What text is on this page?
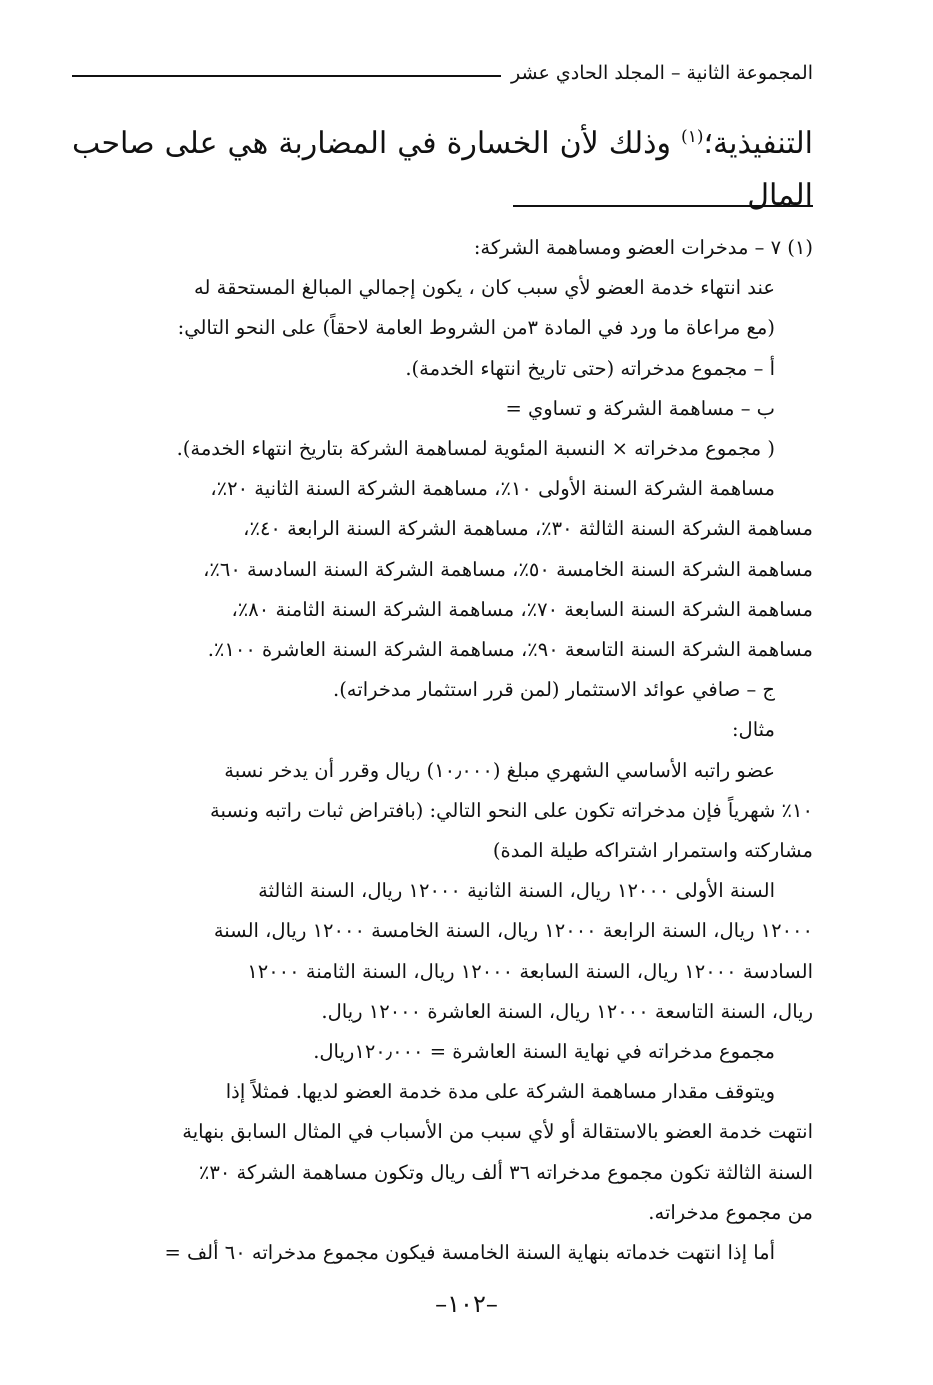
المجموعة الثانية – المجلد الحادي عشر

التنفيذية؛$^{(١)}$ وذلك لأن الخسارة في المضاربة هي على صاحب المال

(١) ٧ – مدخرات العضو ومساهمة الشركة:

عند انتهاء خدمة العضو لأي سبب كان ، يكون إجمالي المبالغ المستحقة له

(مع مراعاة ما ورد في المادة ٣من الشروط العامة لاحقاً) على النحو التالي:

أ – مجموع مدخراته (حتى تاريخ انتهاء الخدمة).

ب – مساهمة الشركة و تساوي =

( مجموع مدخراته × النسبة المئوية لمساهمة الشركة بتاريخ انتهاء الخدمة).

مساهمة الشركة السنة الأولى ١٠٪، مساهمة الشركة السنة الثانية ٢٠٪،

مساهمة الشركة السنة الثالثة ٣٠٪، مساهمة الشركة السنة الرابعة ٤٠٪،

مساهمة الشركة السنة الخامسة ٥٠٪، مساهمة الشركة السنة السادسة ٦٠٪،

مساهمة الشركة السنة السابعة ٧٠٪، مساهمة الشركة السنة الثامنة ٨٠٪،

مساهمة الشركة السنة التاسعة ٩٠٪، مساهمة الشركة السنة العاشرة ١٠٠٪.

ج – صافي عوائد الاستثمار (لمن قرر استثمار مدخراته).

مثال:

عضو راتبه الأساسي الشهري مبلغ (١٠٫٠٠٠) ريال وقرر أن يدخر نسبة

١٠٪ شهرياً فإن مدخراته تكون على النحو التالي: (بافتراض ثبات راتبه ونسبة

مشاركته واستمرار اشتراكه طيلة المدة)

السنة الأولى ١٢٠٠٠ ريال، السنة الثانية ١٢٠٠٠ ريال، السنة الثالثة

١٢٠٠٠ ريال، السنة الرابعة ١٢٠٠٠ ريال، السنة الخامسة ١٢٠٠٠ ريال، السنة

السادسة ١٢٠٠٠ ريال، السنة السابعة ١٢٠٠٠ ريال، السنة الثامنة ١٢٠٠٠

ريال، السنة التاسعة ١٢٠٠٠ ريال، السنة العاشرة ١٢٠٠٠ ريال.

مجموع مدخراته في نهاية السنة العاشرة = ١٢٠٫٠٠٠ريال.

ويتوقف مقدار مساهمة الشركة على مدة خدمة العضو لديها. فمثلاً إذا

انتهت خدمة العضو بالاستقالة أو لأي سبب من الأسباب في المثال السابق بنهاية

السنة الثالثة تكون مجموع مدخراته ٣٦ ألف ريال وتكون مساهمة الشركة ٣٠٪

من مجموع مدخراته.

أما إذا انتهت خدماته بنهاية السنة الخامسة فيكون مجموع مدخراته ٦٠ ألف =

–١٠٢–
